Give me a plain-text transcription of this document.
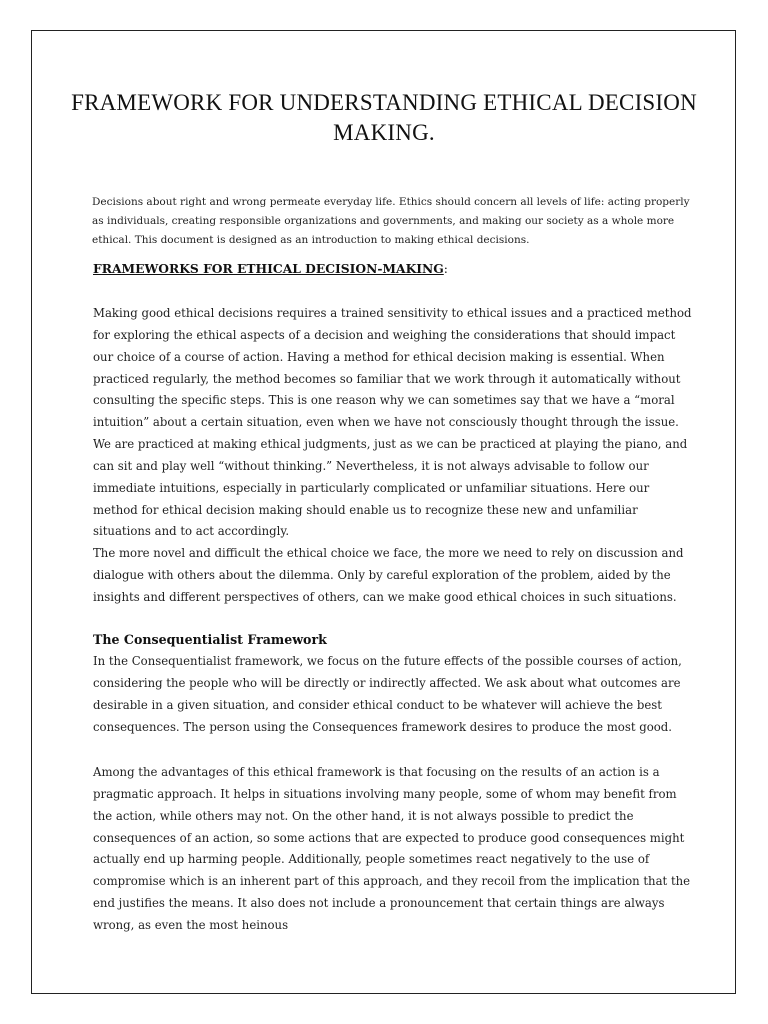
FRAMEWORK FOR UNDERSTANDING ETHICAL DECISION MAKING.

Decisions about right and wrong permeate everyday life. Ethics should concern all levels of life: acting properly as individuals, creating responsible organizations and governments, and making our society as a whole more ethical. This document is designed as an introduction to making ethical decisions.

FRAMEWORKS FOR ETHICAL DECISION-MAKING:

Making good ethical decisions requires a trained sensitivity to ethical issues and a practiced method for exploring the ethical aspects of a decision and weighing the considerations that should impact our choice of a course of action. Having a method for ethical decision making is essential. When practiced regularly, the method becomes so familiar that we work through it automatically without consulting the specific steps. This is one reason why we can sometimes say that we have a “moral intuition” about a certain situation, even when we have not consciously thought through the issue. We are practiced at making ethical judgments, just as we can be practiced at playing the piano, and can sit and play well “without thinking.” Nevertheless, it is not always advisable to follow our immediate intuitions, especially in particularly complicated or unfamiliar situations. Here our method for ethical decision making should enable us to recognize these new and unfamiliar situations and to act accordingly.

The more novel and difficult the ethical choice we face, the more we need to rely on discussion and dialogue with others about the dilemma. Only by careful exploration of the problem, aided by the insights and different perspectives of others, can we make good ethical choices in such situations.

The Consequentialist Framework

In the Consequentialist framework, we focus on the future effects of the possible courses of action, considering the people who will be directly or indirectly affected. We ask about what outcomes are desirable in a given situation, and consider ethical conduct to be whatever will achieve the best consequences. The person using the Consequences framework desires to produce the most good.

Among the advantages of this ethical framework is that focusing on the results of an action is a pragmatic approach. It helps in situations involving many people, some of whom may benefit from the action, while others may not. On the other hand, it is not always possible to predict the consequences of an action, so some actions that are expected to produce good consequences might actually end up harming people. Additionally, people sometimes react negatively to the use of compromise which is an inherent part of this approach, and they recoil from the implication that the end justifies the means. It also does not include a pronouncement that certain things are always wrong, as even the most heinous
